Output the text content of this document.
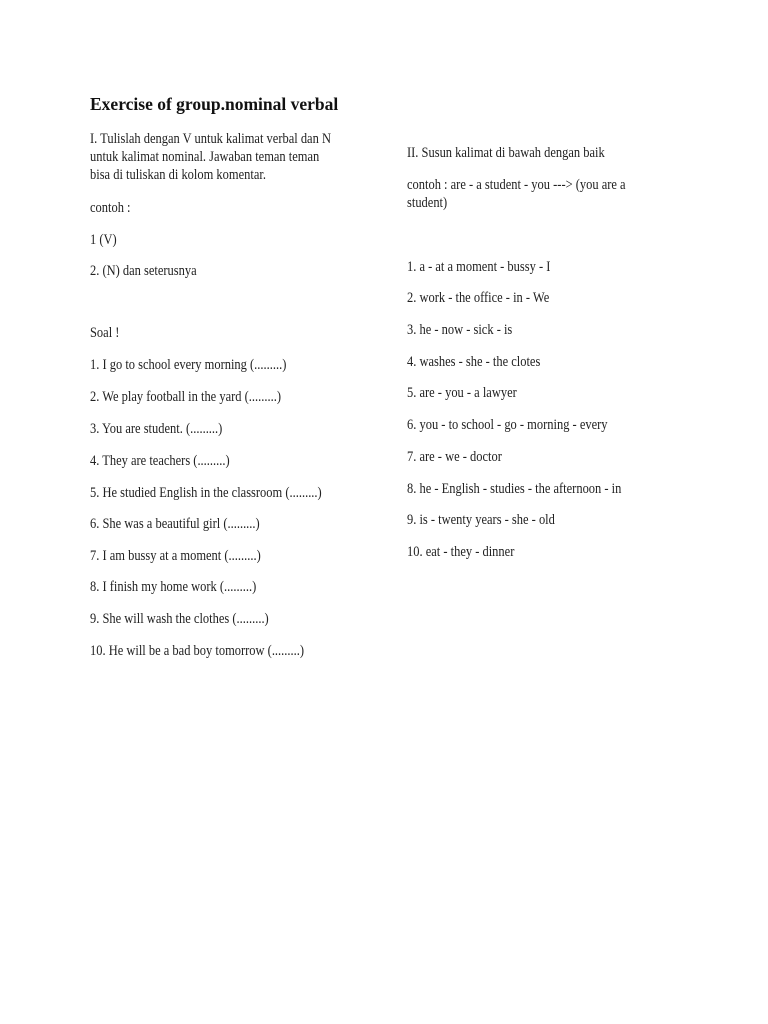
Exercise of group.nominal verbal
I. Tulislah dengan V untuk kalimat verbal dan N
untuk kalimat nominal. Jawaban teman teman
bisa di tuliskan di kolom komentar.
contoh :
1 (V)
2. (N) dan seterusnya
Soal !
1. I go to school every morning (.........)
2. We play football in the yard (.........)
3. You are student. (.........)
4. They are teachers (.........)
5. He studied English in the classroom (.........)
6. She was a beautiful girl (.........)
7. I am bussy at a moment (.........)
8. I finish my home work (.........)
9. She will wash the clothes (.........)
10. He will be a bad boy tomorrow (.........)
II. Susun kalimat di bawah dengan baik
contoh : are - a student - you ---> (you are a
student)
1. a - at a moment - bussy - I
2. work - the office - in - We
3. he - now - sick - is
4. washes - she - the clotes
5. are - you - a lawyer
6. you - to school - go - morning - every
7. are - we - doctor
8. he - English - studies - the afternoon - in
9. is - twenty years - she - old
10. eat - they - dinner
